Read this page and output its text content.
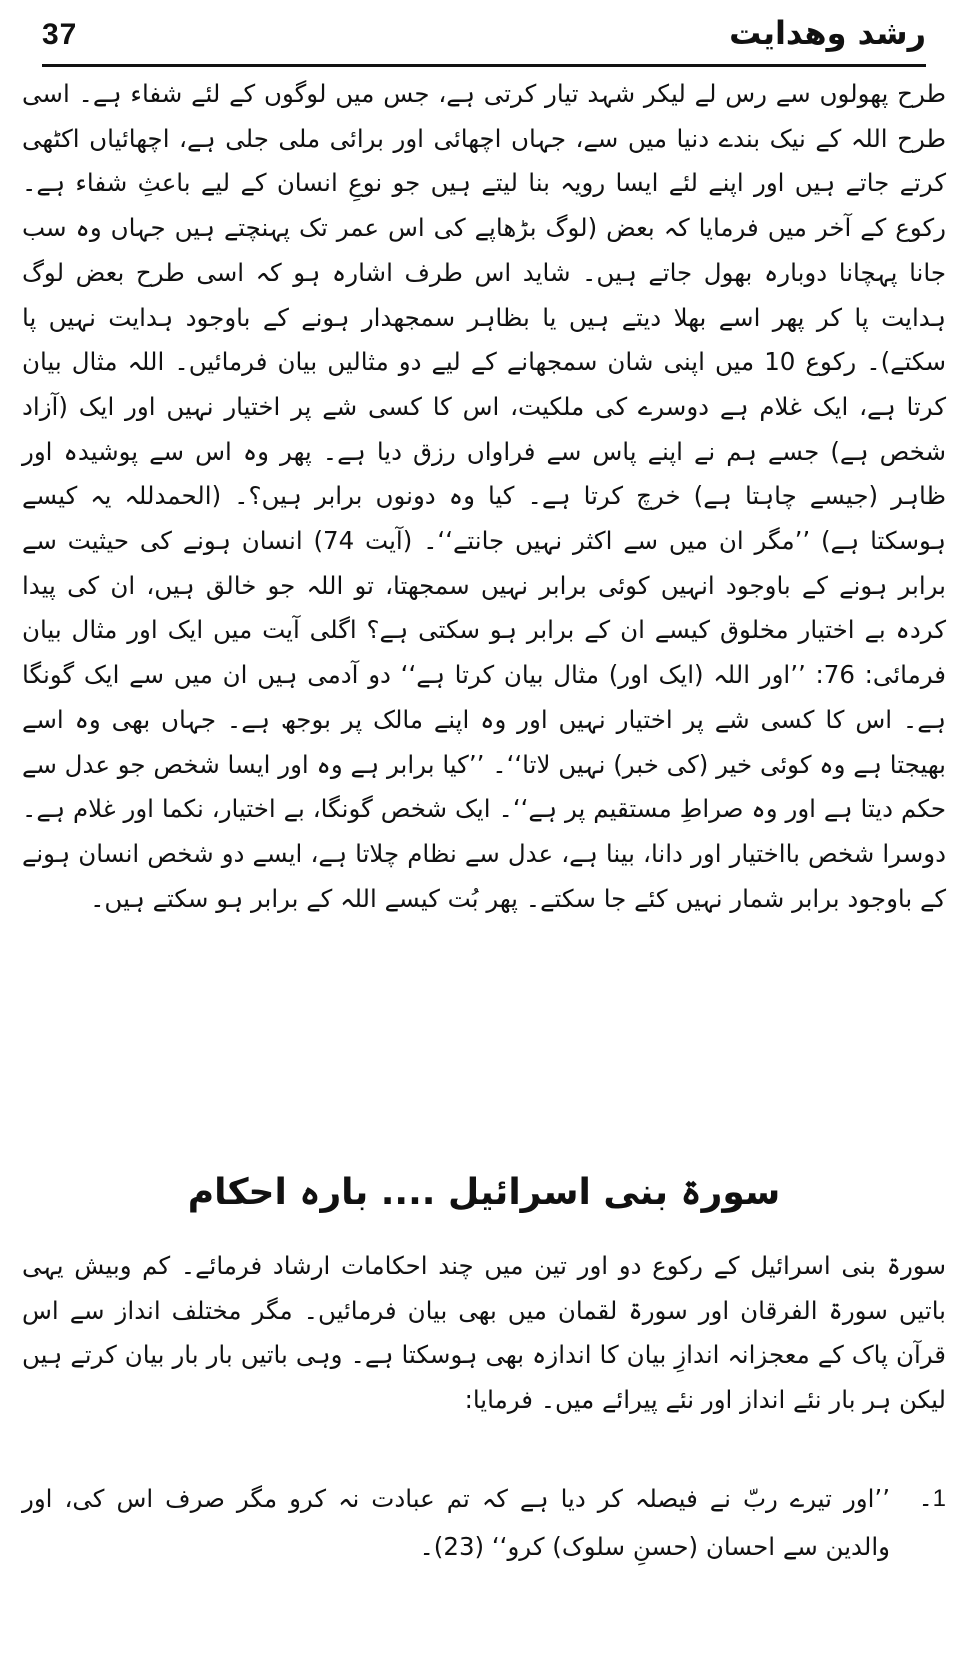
37	رشد وھدایت

طرح پھولوں سے رس لے لیکر شہد تیار کرتی ہے، جس میں لوگوں کے لئے شفاء ہے۔ اسی طرح اللہ کے نیک بندے دنیا میں سے، جہاں اچھائی اور برائی ملی جلی ہے، اچھائیاں اکٹھی کرتے جاتے ہیں اور اپنے لئے ایسا رویہ بنا لیتے ہیں جو نوعِ انسان کے لیے باعثِ شفاء ہے۔ رکوع کے آخر میں فرمایا کہ بعض (لوگ بڑھاپے کی اس عمر تک پہنچتے ہیں جہاں وہ سب جانا پہچانا دوبارہ بھول جاتے ہیں۔ شاید اس طرف اشارہ ہو کہ اسی طرح بعض لوگ ہدایت پا کر پھر اسے بھلا دیتے ہیں یا بظاہر سمجھدار ہونے کے باوجود ہدایت نہیں پا سکتے)۔ رکوع 10 میں اپنی شان سمجھانے کے لیے دو مثالیں بیان فرمائیں۔ اللہ مثال بیان کرتا ہے، ایک غلام ہے دوسرے کی ملکیت، اس کا کسی شے پر اختیار نہیں اور ایک (آزاد شخص ہے) جسے ہم نے اپنے پاس سے فراواں رزق دیا ہے۔ پھر وہ اس سے پوشیدہ اور ظاہر (جیسے چاہتا ہے) خرچ کرتا ہے۔ کیا وہ دونوں برابر ہیں؟۔ (الحمدللہ یہ کیسے ہوسکتا ہے) ’’مگر ان میں سے اکثر نہیں جانتے‘‘۔ (آیت 74) انسان ہونے کی حیثیت سے برابر ہونے کے باوجود انہیں کوئی برابر نہیں سمجھتا، تو اللہ جو خالق ہیں، ان کی پیدا کردہ بے اختیار مخلوق کیسے ان کے برابر ہو سکتی ہے؟ اگلی آیت میں ایک اور مثال بیان فرمائی: 76: ’’اور اللہ (ایک اور) مثال بیان کرتا ہے‘‘ دو آدمی ہیں ان میں سے ایک گونگا ہے۔ اس کا کسی شے پر اختیار نہیں اور وہ اپنے مالک پر بوجھ ہے۔ جہاں بھی وہ اسے بھیجتا ہے وہ کوئی خیر (کی خبر) نہیں لاتا‘‘۔ ’’کیا برابر ہے وہ اور ایسا شخص جو عدل سے حکم دیتا ہے اور وہ صراطِ مستقیم پر ہے‘‘۔ ایک شخص گونگا، بے اختیار، نکما اور غلام ہے۔ دوسرا شخص بااختیار اور دانا، بینا ہے، عدل سے نظام چلاتا ہے، ایسے دو شخص انسان ہونے کے باوجود برابر شمار نہیں کئے جا سکتے۔ پھر بُت کیسے اللہ کے برابر ہو سکتے ہیں۔

سورۃ بنی اسرائیل .... بارہ احکام

سورۃ بنی اسرائیل کے رکوع دو اور تین میں چند احکامات ارشاد فرمائے۔ کم وبیش یہی باتیں سورۃ الفرقان اور سورۃ لقمان میں بھی بیان فرمائیں۔ مگر مختلف انداز سے اس قرآن پاک کے معجزانہ اندازِ بیان کا اندازہ بھی ہوسکتا ہے۔ وہی باتیں بار بار بیان کرتے ہیں لیکن ہر بار نئے انداز اور نئے پیرائے میں۔ فرمایا:

1۔
’’اور تیرے ربّ نے فیصلہ کر دیا ہے کہ تم عبادت نہ کرو مگر صرف اس کی، اور والدین سے احسان (حسنِ سلوک) کرو‘‘ (23)۔
